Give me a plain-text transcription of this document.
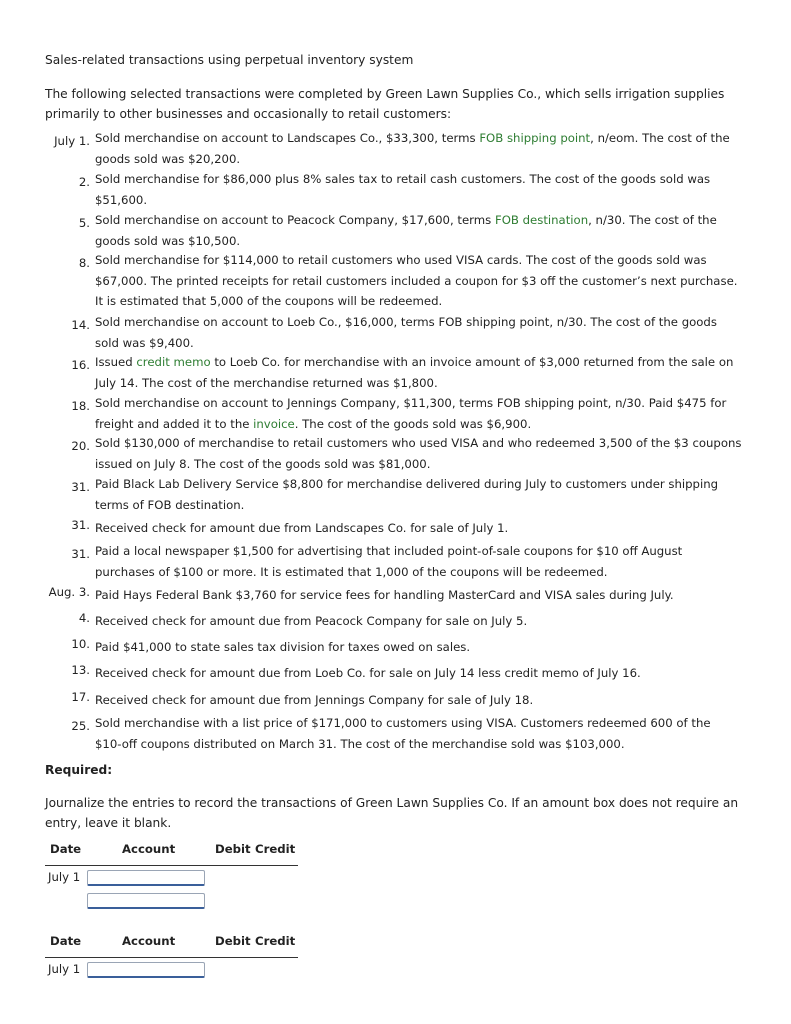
Sales-related transactions using perpetual inventory system
The following selected transactions were completed by Green Lawn Supplies Co., which sells irrigation supplies primarily to other businesses and occasionally to retail customers:
July 1. Sold merchandise on account to Landscapes Co., $33,300, terms FOB shipping point, n/eom. The cost of the
goods sold was $20,200.
2. Sold merchandise for $86,000 plus 8% sales tax to retail cash customers. The cost of the goods sold was
$51,600.
5. Sold merchandise on account to Peacock Company, $17,600, terms FOB destination, n/30. The cost of the
goods sold was $10,500.
8. Sold merchandise for $114,000 to retail customers who used VISA cards. The cost of the goods sold was
$67,000. The printed receipts for retail customers included a coupon for $3 off the customer’s next purchase.
It is estimated that 5,000 of the coupons will be redeemed.
14. Sold merchandise on account to Loeb Co., $16,000, terms FOB shipping point, n/30. The cost of the goods
sold was $9,400.
16. Issued credit memo to Loeb Co. for merchandise with an invoice amount of $3,000 returned from the sale on
July 14. The cost of the merchandise returned was $1,800.
18. Sold merchandise on account to Jennings Company, $11,300, terms FOB shipping point, n/30. Paid $475 for
freight and added it to the invoice. The cost of the goods sold was $6,900.
20. Sold $130,000 of merchandise to retail customers who used VISA and who redeemed 3,500 of the $3 coupons
issued on July 8. The cost of the goods sold was $81,000.
31. Paid Black Lab Delivery Service $8,800 for merchandise delivered during July to customers under shipping
terms of FOB destination.
31. Received check for amount due from Landscapes Co. for sale of July 1.
31. Paid a local newspaper $1,500 for advertising that included point-of-sale coupons for $10 off August
purchases of $100 or more. It is estimated that 1,000 of the coupons will be redeemed.
Aug. 3. Paid Hays Federal Bank $3,760 for service fees for handling MasterCard and VISA sales during July.
4. Received check for amount due from Peacock Company for sale on July 5.
10. Paid $41,000 to state sales tax division for taxes owed on sales.
13. Received check for amount due from Loeb Co. for sale on July 14 less credit memo of July 16.
17. Received check for amount due from Jennings Company for sale of July 18.
25. Sold merchandise with a list price of $171,000 to customers using VISA. Customers redeemed 600 of the
$10-off coupons distributed on March 31. The cost of the merchandise sold was $103,000.
Required:
Journalize the entries to record the transactions of Green Lawn Supplies Co. If an amount box does not require an entry, leave it blank.
Date	Account	Debit Credit
July 1
Date	Account	Debit Credit
July 1
